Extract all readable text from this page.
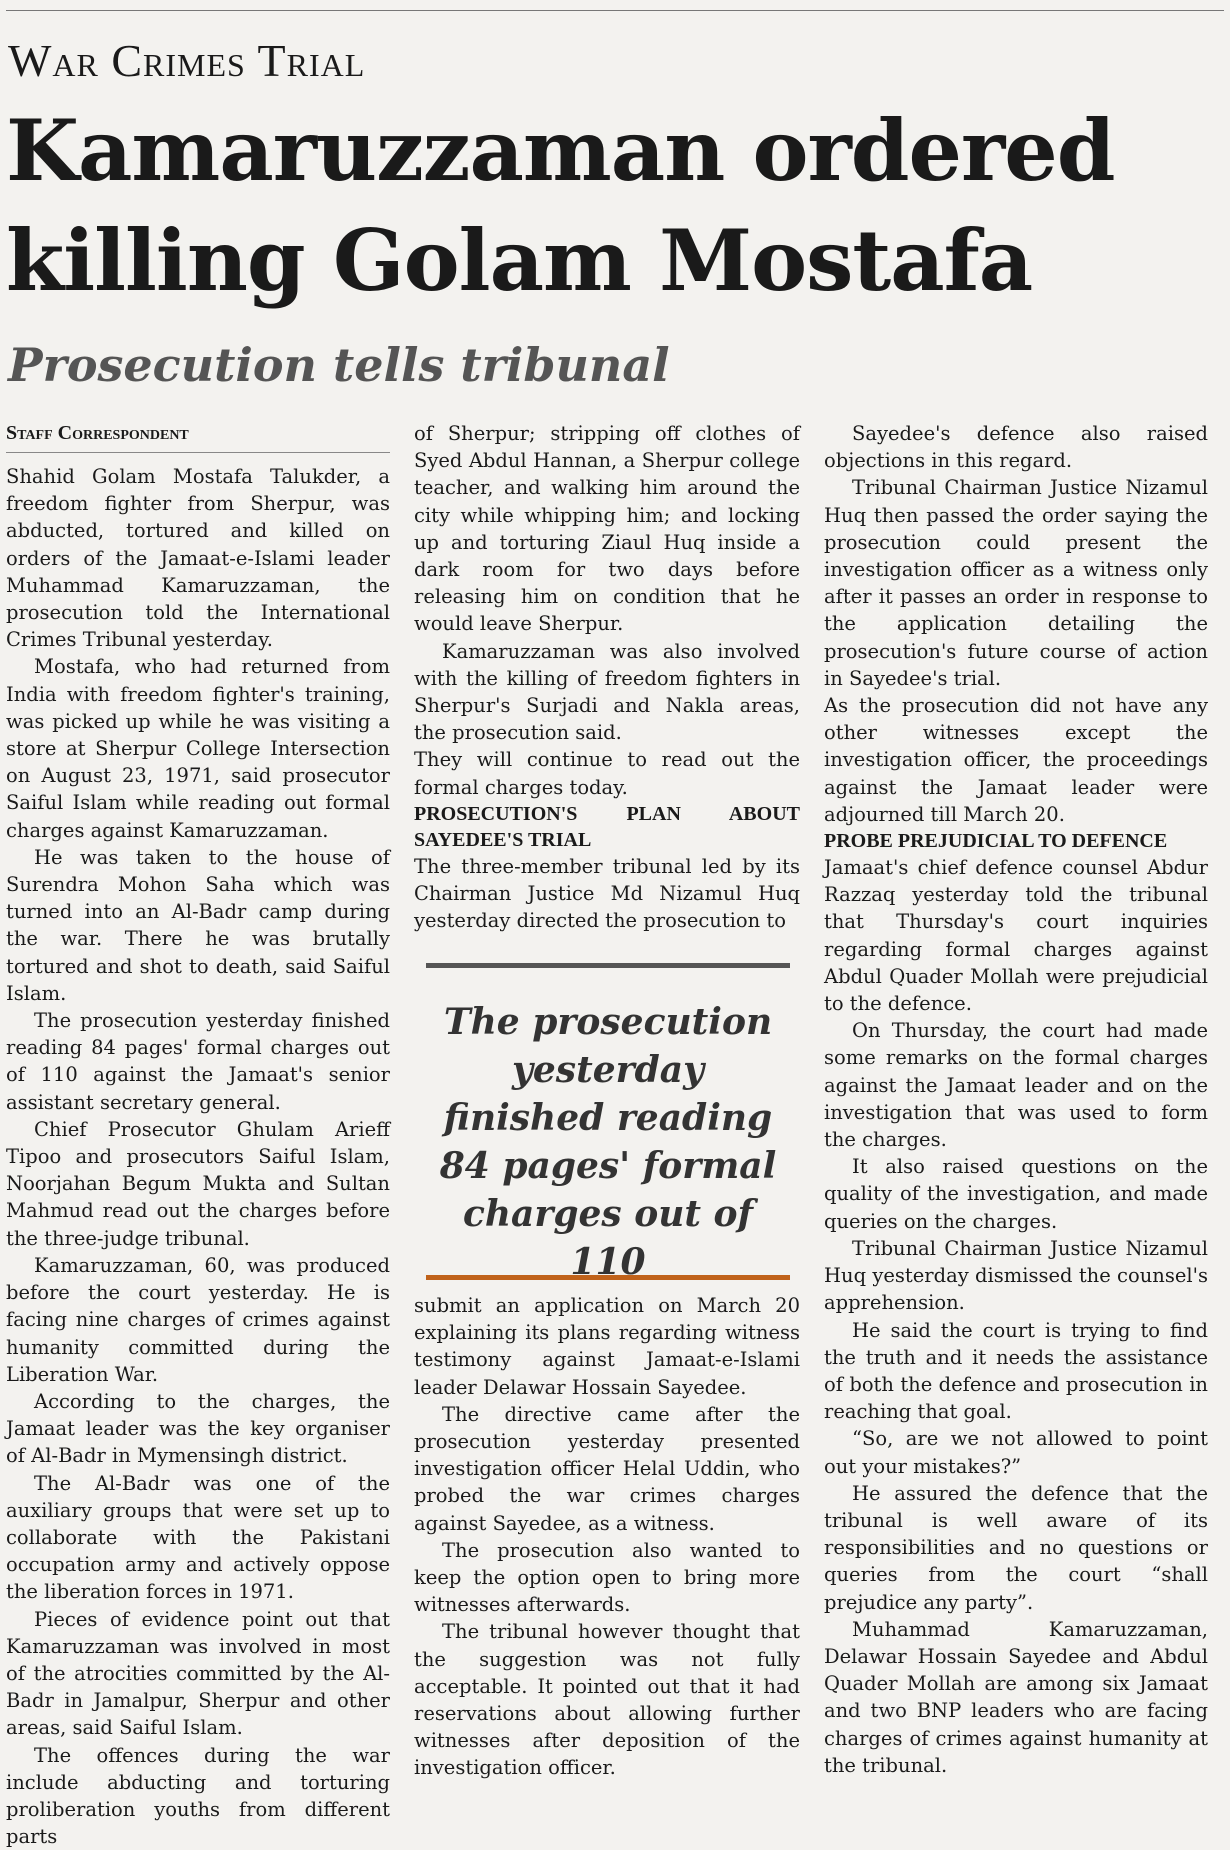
War Crimes Trial
Kamaruzzaman ordered killing Golam Mostafa
Prosecution tells tribunal
Staff Correspondent

Shahid Golam Mostafa Talukder, a freedom fighter from Sherpur, was abducted, tortured and killed on orders of the Jamaat-e-Islami leader Muhammad Kamaruzzaman, the prosecution told the International Crimes Tribunal yesterday.

Mostafa, who had returned from India with freedom fighter's training, was picked up while he was visiting a store at Sherpur College Intersection on August 23, 1971, said prosecutor Saiful Islam while reading out formal charges against Kamaruzzaman.

He was taken to the house of Surendra Mohon Saha which was turned into an Al-Badr camp during the war. There he was brutally tortured and shot to death, said Saiful Islam.

The prosecution yesterday finished reading 84 pages' formal charges out of 110 against the Jamaat's senior assistant secretary general.

Chief Prosecutor Ghulam Arieff Tipoo and prosecutors Saiful Islam, Noorjahan Begum Mukta and Sultan Mahmud read out the charges before the three-judge tribunal.

Kamaruzzaman, 60, was produced before the court yesterday. He is facing nine charges of crimes against humanity committed during the Liberation War.

According to the charges, the Jamaat leader was the key organiser of Al-Badr in Mymensingh district.

The Al-Badr was one of the auxiliary groups that were set up to collaborate with the Pakistani occupation army and actively oppose the liberation forces in 1971.

Pieces of evidence point out that Kamaruzzaman was involved in most of the atrocities committed by the Al-Badr in Jamalpur, Sherpur and other areas, said Saiful Islam.

The offences during the war include abducting and torturing proliberation youths from different parts

of Sherpur; stripping off clothes of Syed Abdul Hannan, a Sherpur college teacher, and walking him around the city while whipping him; and locking up and torturing Ziaul Huq inside a dark room for two days before releasing him on condition that he would leave Sherpur.

Kamaruzzaman was also involved with the killing of freedom fighters in Sherpur's Surjadi and Nakla areas, the prosecution said.

They will continue to read out the formal charges today.

PROSECUTION'S PLAN ABOUT SAYEDEE'S TRIAL

The three-member tribunal led by its Chairman Justice Md Nizamul Huq yesterday directed the prosecution to

The prosecution yesterday finished reading 84 pages' formal charges out of 110

submit an application on March 20 explaining its plans regarding witness testimony against Jamaat-e-Islami leader Delawar Hossain Sayedee.

The directive came after the prosecution yesterday presented investigation officer Helal Uddin, who probed the war crimes charges against Sayedee, as a witness.

The prosecution also wanted to keep the option open to bring more witnesses afterwards.

The tribunal however thought that the suggestion was not fully acceptable. It pointed out that it had reservations about allowing further witnesses after deposition of the investigation officer.

Sayedee's defence also raised objections in this regard.

Tribunal Chairman Justice Nizamul Huq then passed the order saying the prosecution could present the investigation officer as a witness only after it passes an order in response to the application detailing the prosecution's future course of action in Sayedee's trial.

As the prosecution did not have any other witnesses except the investigation officer, the proceedings against the Jamaat leader were adjourned till March 20.

PROBE PREJUDICIAL TO DEFENCE

Jamaat's chief defence counsel Abdur Razzaq yesterday told the tribunal that Thursday's court inquiries regarding formal charges against Abdul Quader Mollah were prejudicial to the defence.

On Thursday, the court had made some remarks on the formal charges against the Jamaat leader and on the investigation that was used to form the charges.

It also raised questions on the quality of the investigation, and made queries on the charges.

Tribunal Chairman Justice Nizamul Huq yesterday dismissed the counsel's apprehension.

He said the court is trying to find the truth and it needs the assistance of both the defence and prosecution in reaching that goal.

“So, are we not allowed to point out your mistakes?”

He assured the defence that the tribunal is well aware of its responsibilities and no questions or queries from the court “shall prejudice any party”.

Muhammad Kamaruzzaman, Delawar Hossain Sayedee and Abdul Quader Mollah are among six Jamaat and two BNP leaders who are facing charges of crimes against humanity at the tribunal.
